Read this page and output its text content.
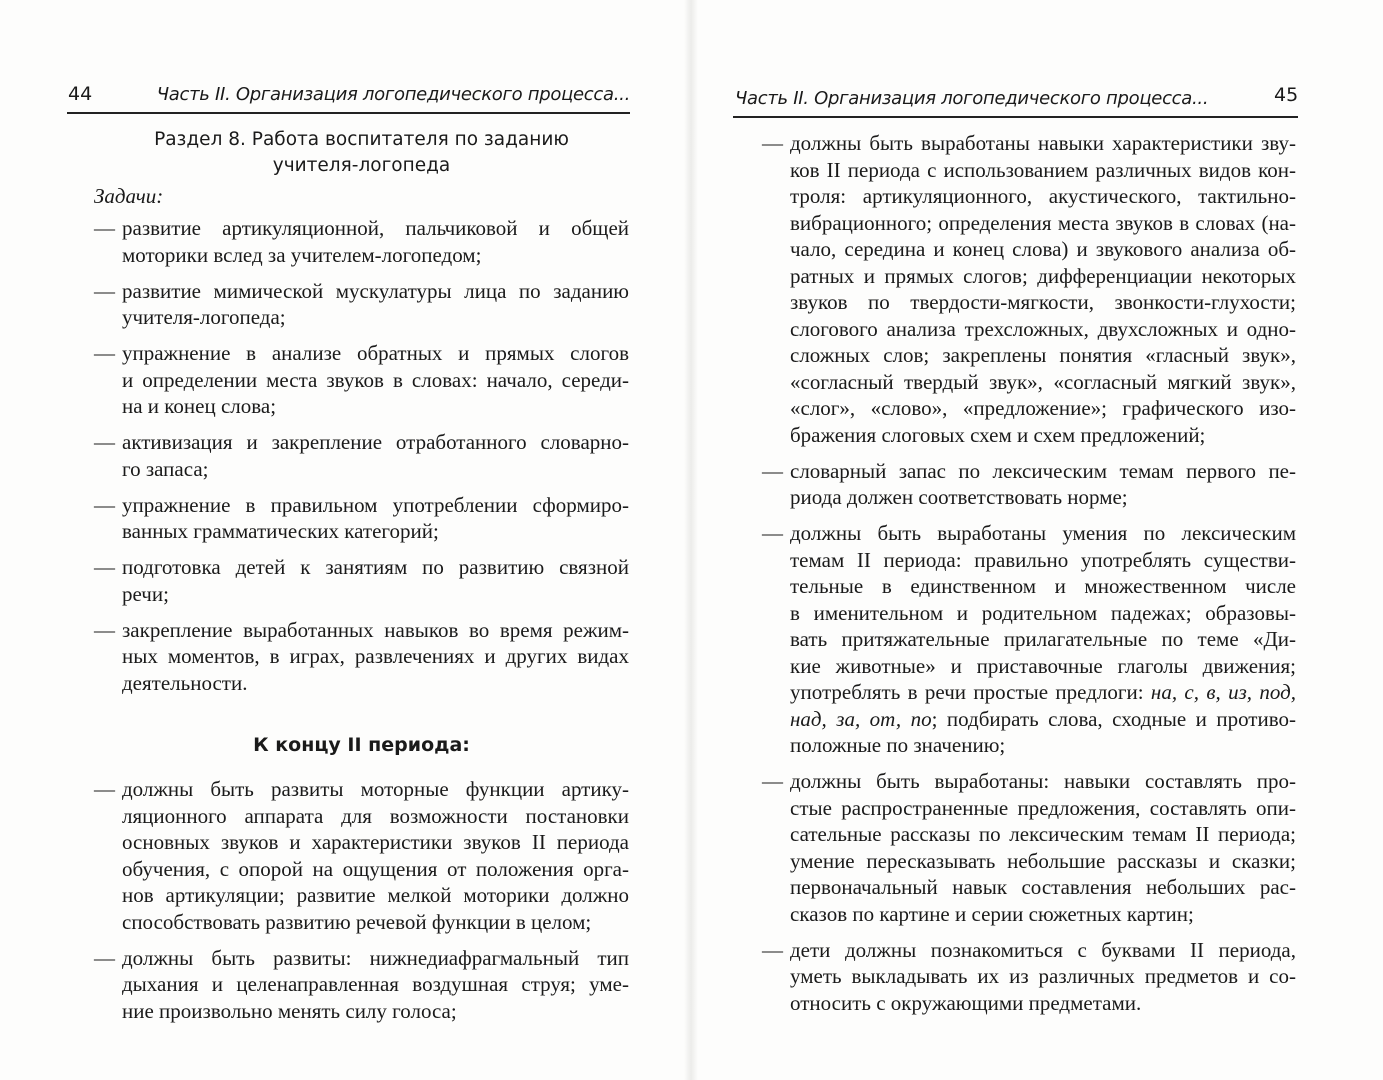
44	Часть II. Организация логопедического процесса...
Раздел 8. Работа воспитателя по заданию
учителя-логопеда
Задачи:
— развитие артикуляционной, пальчиковой и общей
моторики вслед за учителем-логопедом;
— развитие мимической мускулатуры лица по заданию
учителя-логопеда;
— упражнение в анализе обратных и прямых слогов
и определении места звуков в словах: начало, середи-
на и конец слова;
— активизация и закрепление отработанного словарно-
го запаса;
— упражнение в правильном употреблении сформиро-
ванных грамматических категорий;
— подготовка детей к занятиям по развитию связной
речи;
— закрепление выработанных навыков во время режим-
ных моментов, в играх, развлечениях и других видах
деятельности.
К концу II периода:
— должны быть развиты моторные функции артику-
ляционного аппарата для возможности постановки
основных звуков и характеристики звуков II периода
обучения, с опорой на ощущения от положения орга-
нов артикуляции; развитие мелкой моторики должно
способствовать развитию речевой функции в целом;
— должны быть развиты: нижнедиафрагмальный тип
дыхания и целенаправленная воздушная струя; уме-
ние произвольно менять силу голоса;
Часть II. Организация логопедического процесса...	45
— должны быть выработаны навыки характеристики зву-
ков II периода с использованием различных видов кон-
троля: артикуляционного, акустического, тактильно-
вибрационного; определения места звуков в словах (на-
чало, середина и конец слова) и звукового анализа об-
ратных и прямых слогов; дифференциации некоторых
звуков по твердости-мягкости, звонкости-глухости;
слогового анализа трехсложных, двухсложных и одно-
сложных слов; закреплены понятия «гласный звук»,
«согласный твердый звук», «согласный мягкий звук»,
«слог», «слово», «предложение»; графического изо-
бражения слоговых схем и схем предложений;
— словарный запас по лексическим темам первого пе-
риода должен соответствовать норме;
— должны быть выработаны умения по лексическим
темам II периода: правильно употреблять существи-
тельные в единственном и множественном числе
в именительном и родительном падежах; образовы-
вать притяжательные прилагательные по теме «Ди-
кие животные» и приставочные глаголы движения;
употреблять в речи простые предлоги: на, с, в, из, под,
над, за, от, по; подбирать слова, сходные и противо-
положные по значению;
— должны быть выработаны: навыки составлять про-
стые распространенные предложения, составлять опи-
сательные рассказы по лексическим темам II периода;
умение пересказывать небольшие рассказы и сказки;
первоначальный навык составления небольших рас-
сказов по картине и серии сюжетных картин;
— дети должны познакомиться с буквами II периода,
уметь выкладывать их из различных предметов и со-
относить с окружающими предметами.
